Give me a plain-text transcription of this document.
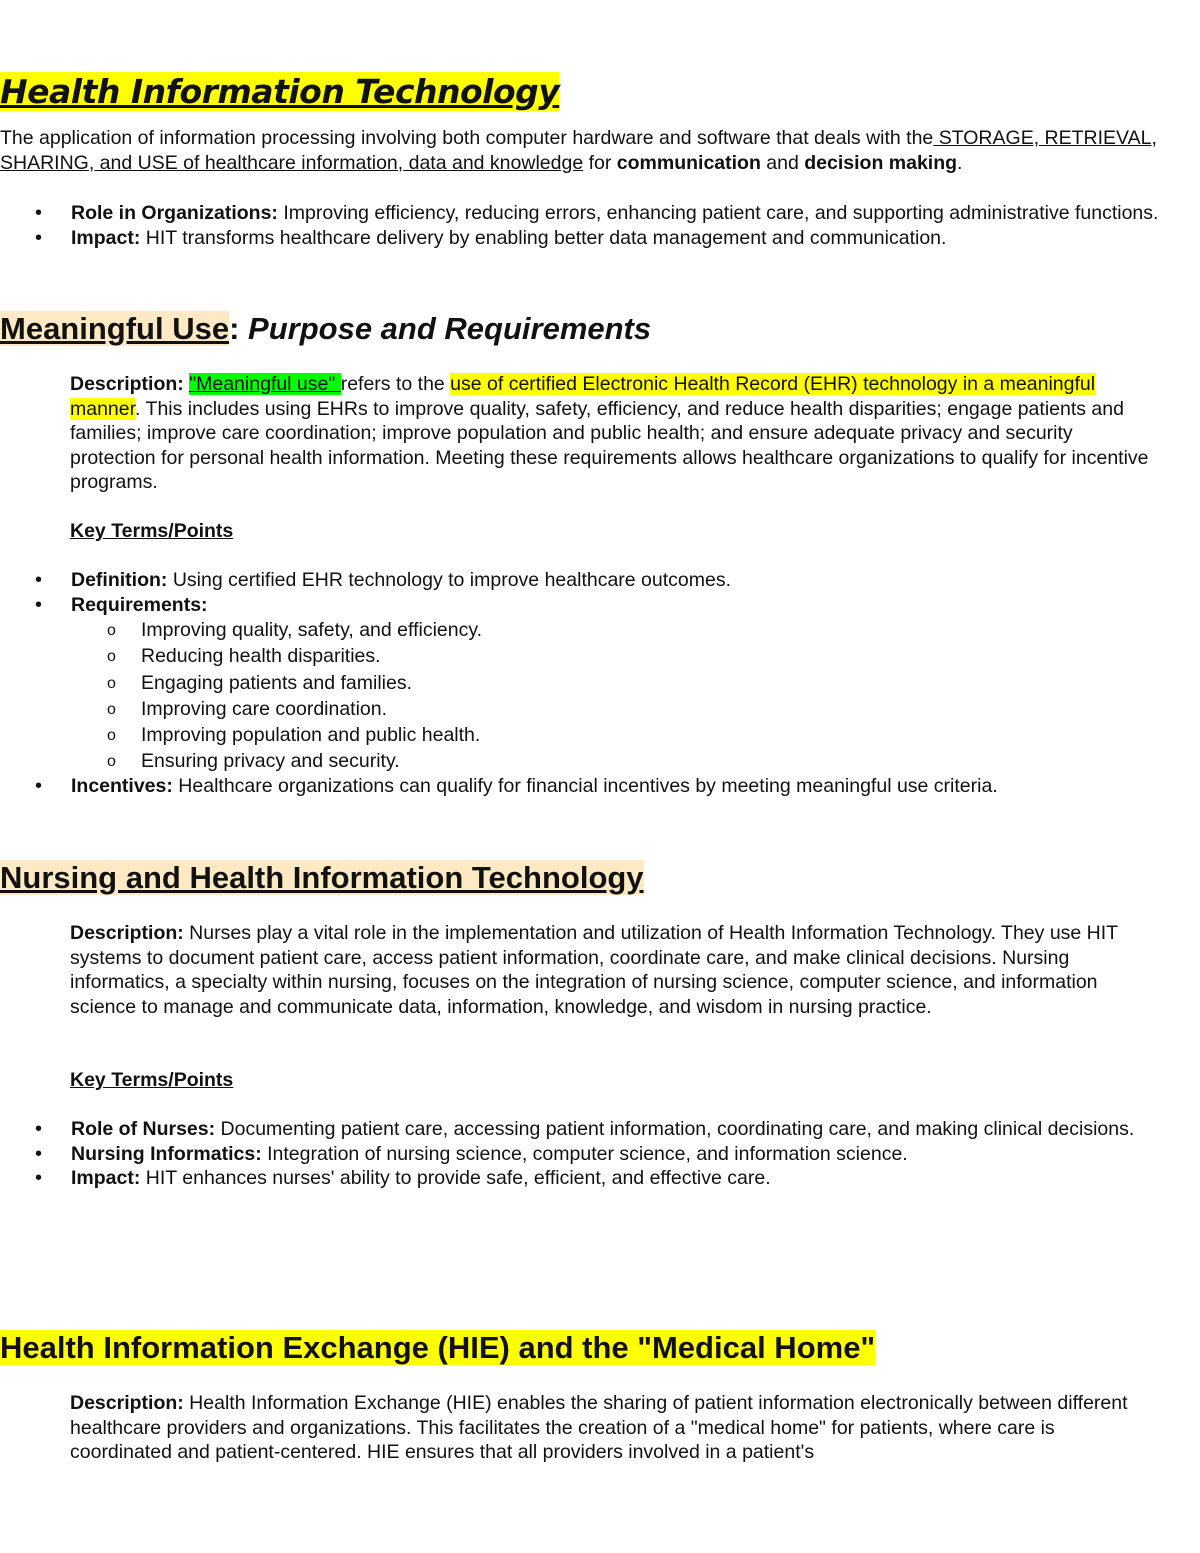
Health Information Technology

The application of information processing involving both computer hardware and software that deals with the STORAGE, RETRIEVAL, SHARING, and USE of healthcare information, data and knowledge for communication and decision making.

• Role in Organizations: Improving efficiency, reducing errors, enhancing patient care, and supporting administrative functions.

• Impact: HIT transforms healthcare delivery by enabling better data management and communication.

Meaningful Use: Purpose and Requirements

Description: "Meaningful use" refers to the use of certified Electronic Health Record (EHR) technology in a meaningful manner. This includes using EHRs to improve quality, safety, efficiency, and reduce health disparities; engage patients and families; improve care coordination; improve population and public health; and ensure adequate privacy and security protection for personal health information. Meeting these requirements allows healthcare organizations to qualify for incentive programs.

Key Terms/Points

• Definition: Using certified EHR technology to improve healthcare outcomes.

• Requirements:

o Improving quality, safety, and efficiency.

o Reducing health disparities.

o Engaging patients and families.

o Improving care coordination.

o Improving population and public health.

o Ensuring privacy and security.

• Incentives: Healthcare organizations can qualify for financial incentives by meeting meaningful use criteria.

Nursing and Health Information Technology

Description: Nurses play a vital role in the implementation and utilization of Health Information Technology. They use HIT systems to document patient care, access patient information, coordinate care, and make clinical decisions. Nursing informatics, a specialty within nursing, focuses on the integration of nursing science, computer science, and information science to manage and communicate data, information, knowledge, and wisdom in nursing practice.

Key Terms/Points

• Role of Nurses: Documenting patient care, accessing patient information, coordinating care, and making clinical decisions.

• Nursing Informatics: Integration of nursing science, computer science, and information science.

• Impact: HIT enhances nurses' ability to provide safe, efficient, and effective care.

Health Information Exchange (HIE) and the "Medical Home"

Description: Health Information Exchange (HIE) enables the sharing of patient information electronically between different healthcare providers and organizations. This facilitates the creation of a "medical home" for patients, where care is coordinated and patient-centered. HIE ensures that all providers involved in a patient's
